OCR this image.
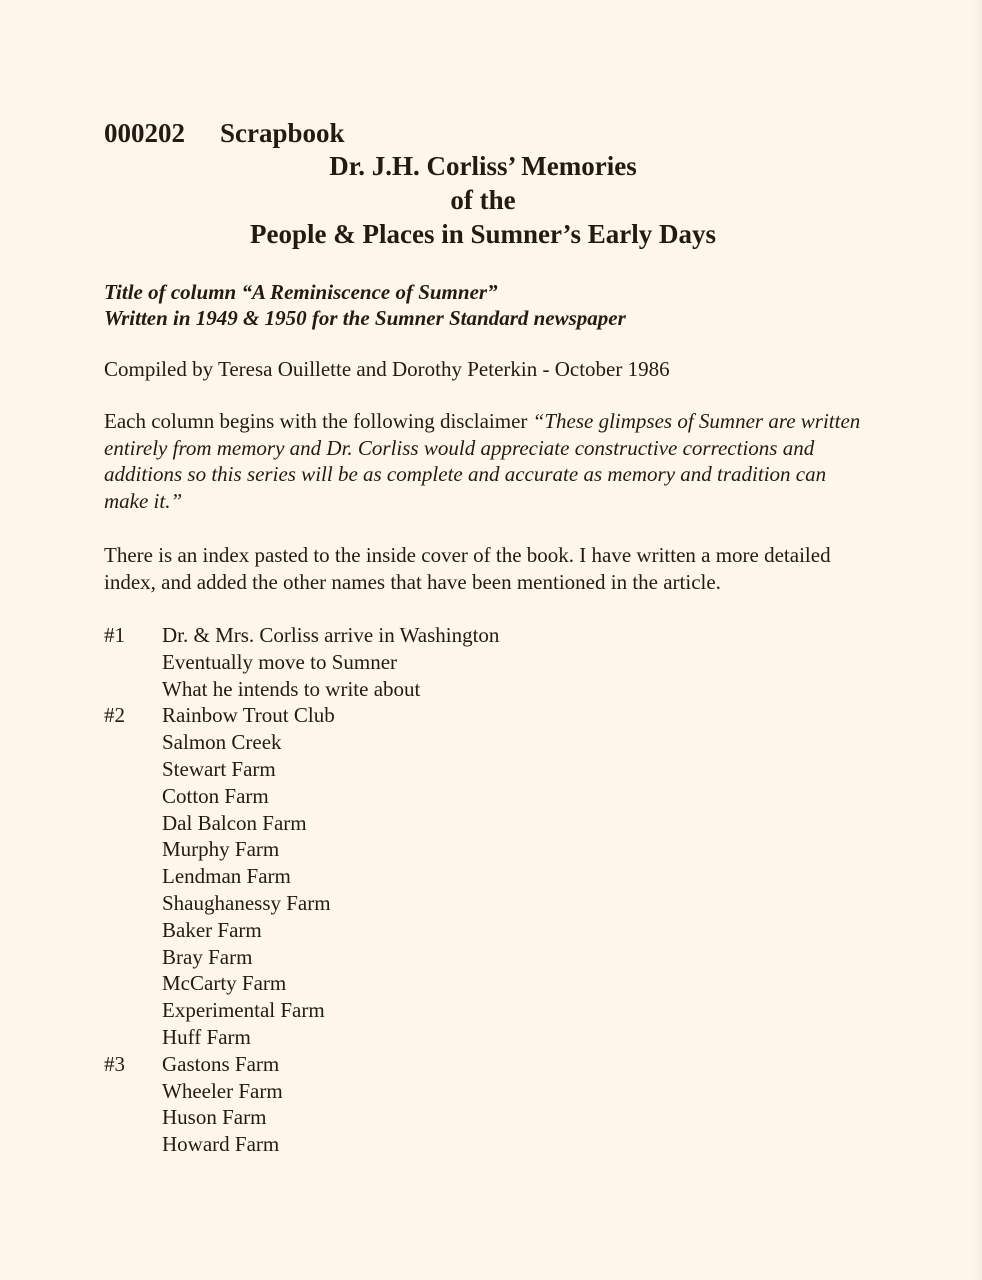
000202 Scrapbook
Dr. J.H. Corliss’ Memories
of the
People & Places in Sumner’s Early Days
Title of column “A Reminiscence of Sumner”
Written in 1949 & 1950 for the Sumner Standard newspaper
Compiled by Teresa Ouillette and Dorothy Peterkin - October 1986
Each column begins with the following disclaimer “These glimpses of Sumner are written entirely from memory and Dr. Corliss would appreciate constructive corrections and additions so this series will be as complete and accurate as memory and tradition can make it.”
There is an index pasted to the inside cover of the book. I have written a more detailed index, and added the other names that have been mentioned in the article.
#1	Dr. & Mrs. Corliss arrive in Washington
Eventually move to Sumner
What he intends to write about
#2	Rainbow Trout Club
Salmon Creek
Stewart Farm
Cotton Farm
Dal Balcon Farm
Murphy Farm
Lendman Farm
Shaughanessy Farm
Baker Farm
Bray Farm
McCarty Farm
Experimental Farm
Huff Farm
#3	Gastons Farm
Wheeler Farm
Huson Farm
Howard Farm
